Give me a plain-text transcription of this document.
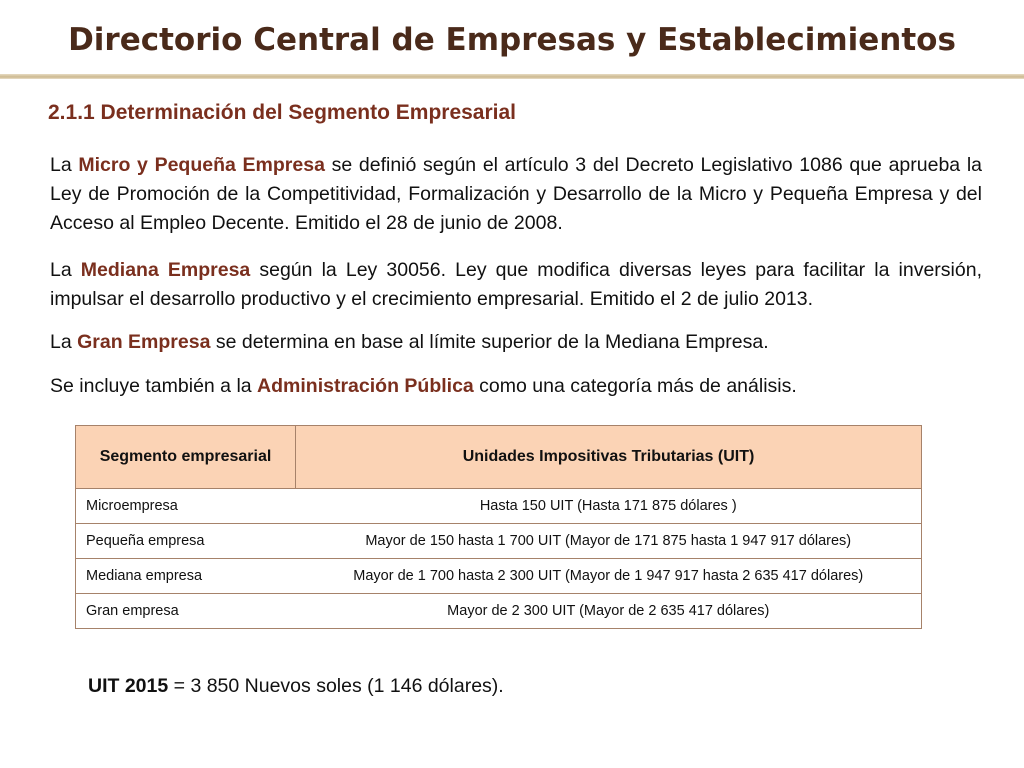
Directorio Central de Empresas y Establecimientos
2.1.1 Determinación del Segmento Empresarial
La Micro y Pequeña Empresa se definió según el artículo 3 del Decreto Legislativo 1086 que aprueba la Ley de Promoción de la Competitividad, Formalización y Desarrollo de la Micro y Pequeña Empresa y del Acceso al Empleo Decente. Emitido el 28 de junio de 2008.
La Mediana Empresa según la Ley 30056. Ley que modifica diversas leyes para facilitar la inversión, impulsar el desarrollo productivo y el crecimiento empresarial. Emitido el 2 de julio 2013.
La Gran Empresa se determina en base al límite superior de la Mediana Empresa.
Se incluye también a la Administración Pública como una categoría más de análisis.
Segmento empresarial	Unidades Impositivas Tributarias (UIT)
Microempresa	Hasta 150 UIT (Hasta 171 875 dólares )
Pequeña empresa	Mayor de 150 hasta 1 700 UIT (Mayor de 171 875 hasta 1 947 917 dólares)
Mediana empresa	Mayor de 1 700 hasta 2 300 UIT (Mayor de 1 947 917 hasta 2 635 417 dólares)
Gran empresa	Mayor de 2 300 UIT (Mayor de 2 635 417 dólares)
UIT 2015 = 3 850 Nuevos soles (1 146 dólares).
